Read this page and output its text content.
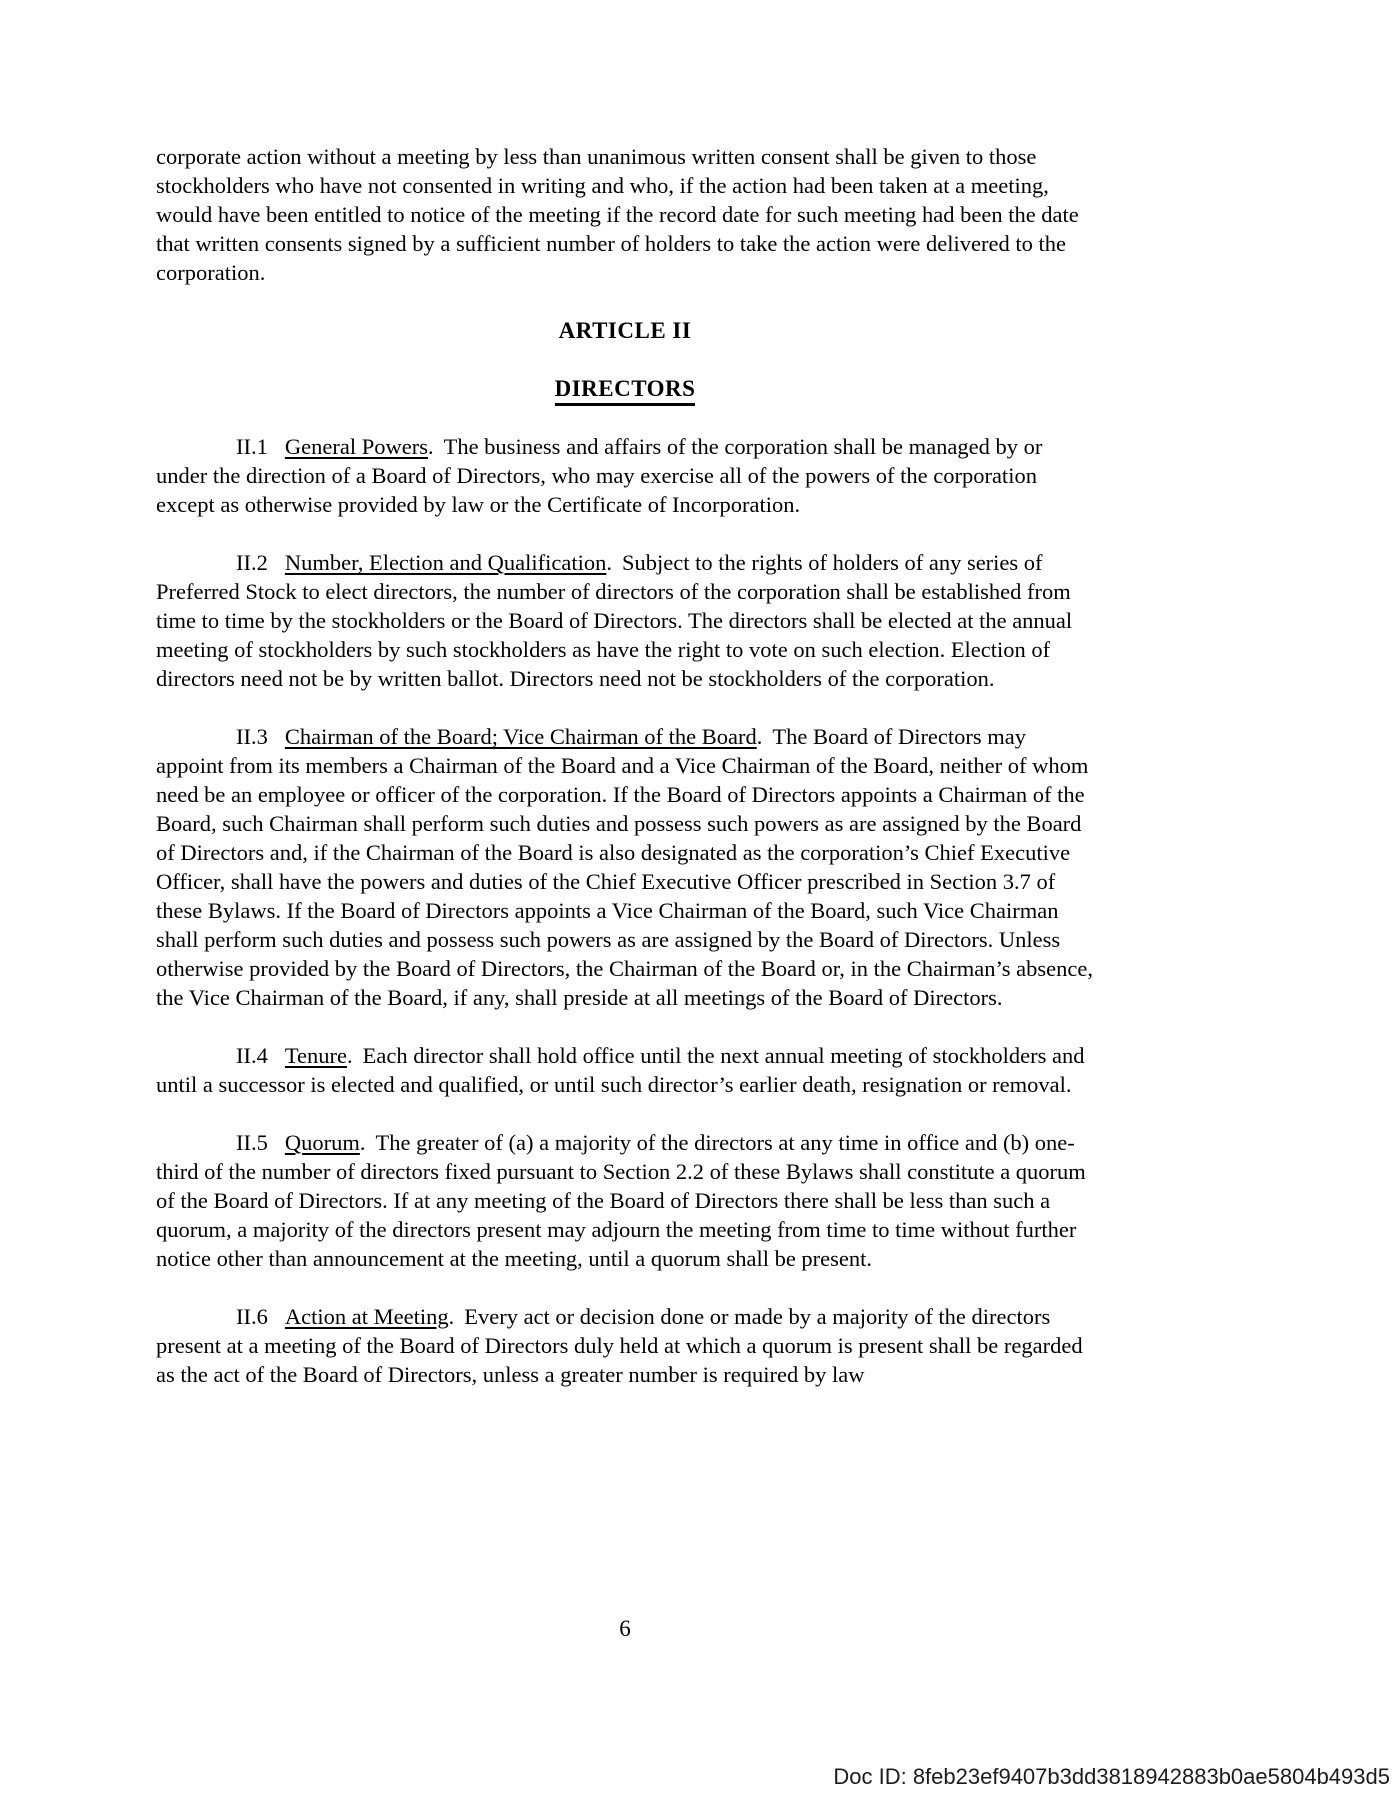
corporate action without a meeting by less than unanimous written consent shall be given to those stockholders who have not consented in writing and who, if the action had been taken at a meeting, would have been entitled to notice of the meeting if the record date for such meeting had been the date that written consents signed by a sufficient number of holders to take the action were delivered to the corporation.

ARTICLE II

DIRECTORS

II.1 General Powers. The business and affairs of the corporation shall be managed by or under the direction of a Board of Directors, who may exercise all of the powers of the corporation except as otherwise provided by law or the Certificate of Incorporation.

II.2 Number, Election and Qualification. Subject to the rights of holders of any series of Preferred Stock to elect directors, the number of directors of the corporation shall be established from time to time by the stockholders or the Board of Directors. The directors shall be elected at the annual meeting of stockholders by such stockholders as have the right to vote on such election. Election of directors need not be by written ballot. Directors need not be stockholders of the corporation.

II.3 Chairman of the Board; Vice Chairman of the Board. The Board of Directors may appoint from its members a Chairman of the Board and a Vice Chairman of the Board, neither of whom need be an employee or officer of the corporation. If the Board of Directors appoints a Chairman of the Board, such Chairman shall perform such duties and possess such powers as are assigned by the Board of Directors and, if the Chairman of the Board is also designated as the corporation’s Chief Executive Officer, shall have the powers and duties of the Chief Executive Officer prescribed in Section 3.7 of these Bylaws. If the Board of Directors appoints a Vice Chairman of the Board, such Vice Chairman shall perform such duties and possess such powers as are assigned by the Board of Directors. Unless otherwise provided by the Board of Directors, the Chairman of the Board or, in the Chairman’s absence, the Vice Chairman of the Board, if any, shall preside at all meetings of the Board of Directors.

II.4 Tenure. Each director shall hold office until the next annual meeting of stockholders and until a successor is elected and qualified, or until such director’s earlier death, resignation or removal.

II.5 Quorum. The greater of (a) a majority of the directors at any time in office and (b) one-third of the number of directors fixed pursuant to Section 2.2 of these Bylaws shall constitute a quorum of the Board of Directors. If at any meeting of the Board of Directors there shall be less than such a quorum, a majority of the directors present may adjourn the meeting from time to time without further notice other than announcement at the meeting, until a quorum shall be present.

II.6 Action at Meeting. Every act or decision done or made by a majority of the directors present at a meeting of the Board of Directors duly held at which a quorum is present shall be regarded as the act of the Board of Directors, unless a greater number is required by law

6
Doc ID: 8feb23ef9407b3dd3818942883b0ae5804b493d5
